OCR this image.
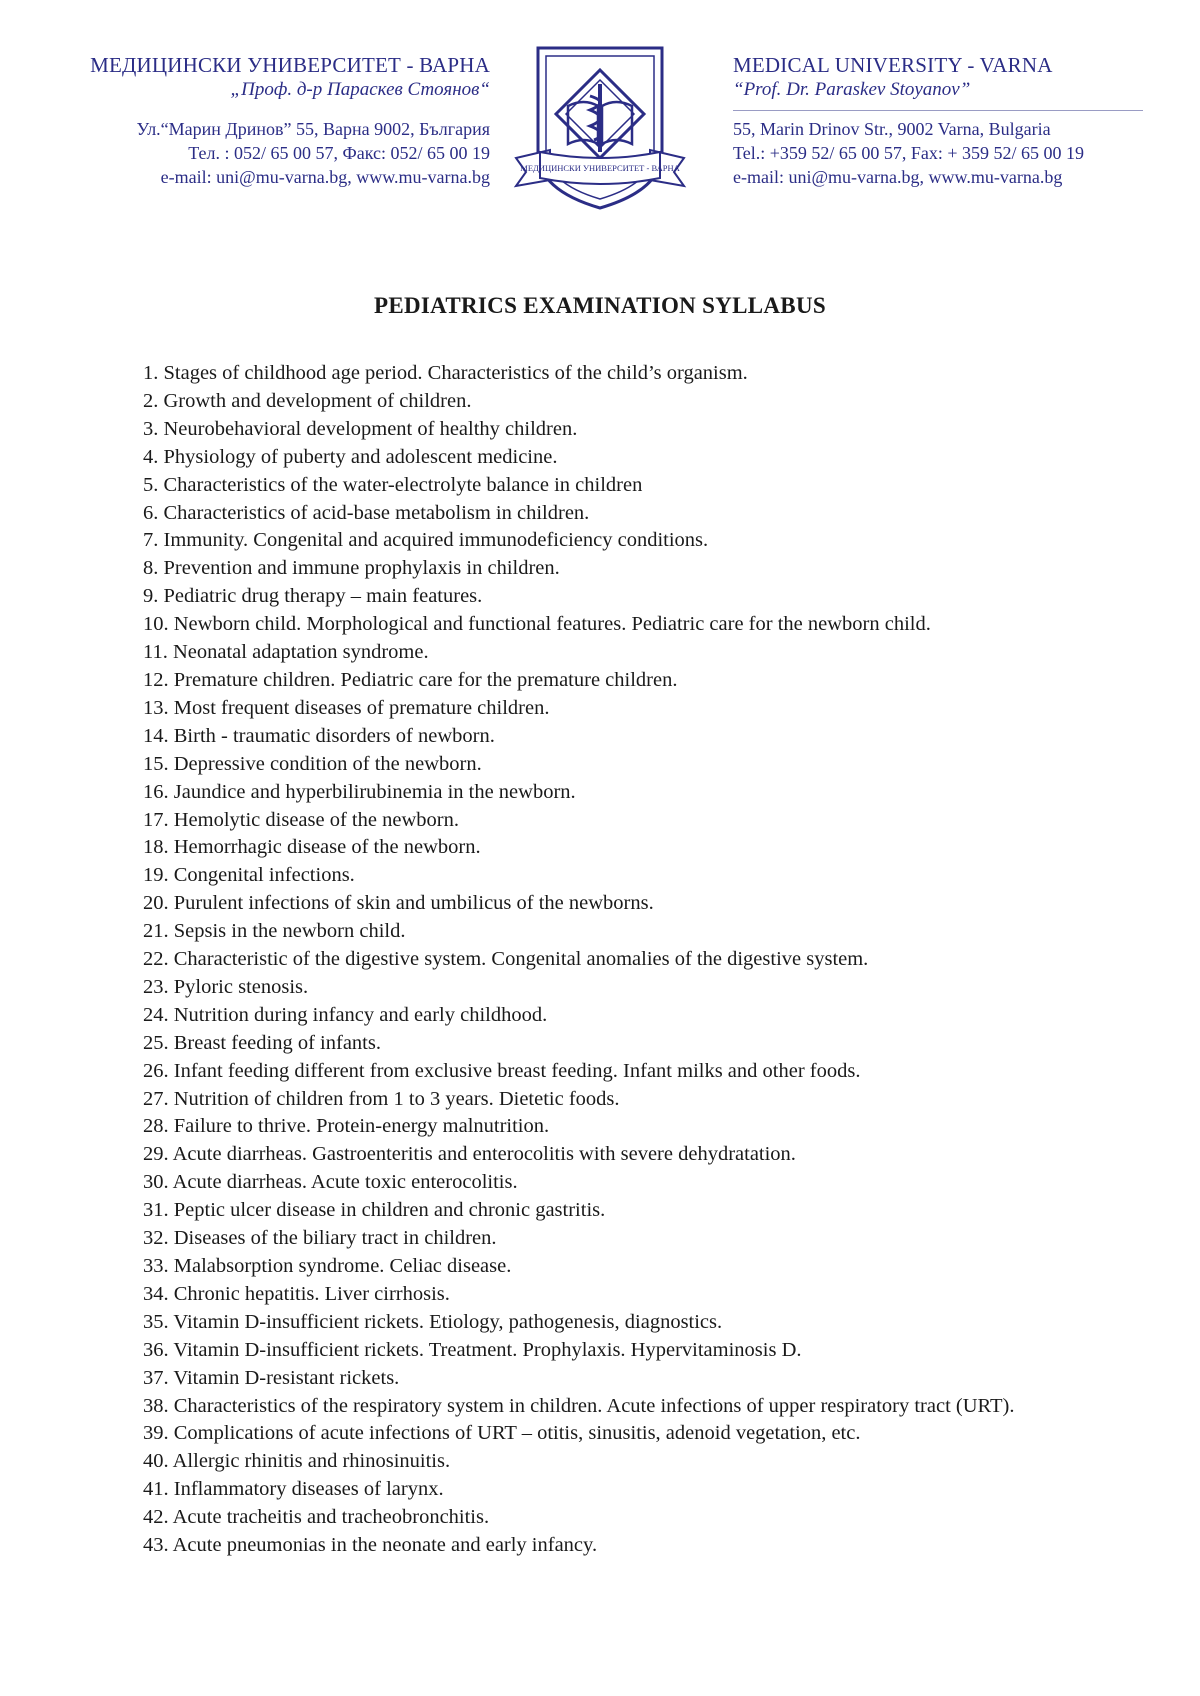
МЕДИЦИНСКИ УНИВЕРСИТЕТ - ВАРНА
„Проф. д-р Параскев Стоянов“
Ул.“Марин Дринов” 55, Варна 9002, България
Тел. : 052/ 65 00 57, Факс: 052/ 65 00 19
e-mail: uni@mu-varna.bg, www.mu-varna.bg	МЕДИЦИНСКИ УНИВЕРСИТЕТ - ВАРНА
MEDICAL UNIVERSITY - VARNA
“Prof. Dr. Paraskev Stoyanov”
55, Marin Drinov Str., 9002 Varna, Bulgaria
Tel.: +359 52/ 65 00 57, Fax: + 359 52/ 65 00 19
e-mail: uni@mu-varna.bg, www.mu-varna.bg
PEDIATRICS EXAMINATION SYLLABUS
1. Stages of childhood age period. Characteristics of the child’s organism.
2. Growth and development of children.
3. Neurobehavioral development of healthy children.
4. Physiology of puberty and adolescent medicine.
5. Characteristics of the water-electrolyte balance in children
6. Characteristics of acid-base metabolism in children.
7. Immunity. Congenital and acquired immunodeficiency conditions.
8. Prevention and immune prophylaxis in children.
9. Pediatric drug therapy – main features.
10. Newborn child. Morphological and functional features. Pediatric care for the newborn child.
11. Neonatal adaptation syndrome.
12. Premature children. Pediatric care for the premature children.
13. Most frequent diseases of premature children.
14. Birth - traumatic disorders of newborn.
15. Depressive condition of the newborn.
16. Jaundice and hyperbilirubinemia in the newborn.
17. Hemolytic disease of the newborn.
18. Hemorrhagic disease of the newborn.
19. Congenital infections.
20. Purulent infections of skin and umbilicus of the newborns.
21. Sepsis in the newborn child.
22. Characteristic of the digestive system. Congenital anomalies of the digestive system.
23. Pyloric stenosis.
24. Nutrition during infancy and early childhood.
25. Breast feeding of infants.
26. Infant feeding different from exclusive breast feeding. Infant milks and other foods.
27. Nutrition of children from 1 to 3 years. Dietetic foods.
28. Failure to thrive. Protein-energy malnutrition.
29. Acute diarrheas. Gastroenteritis and enterocolitis with severe dehydratation.
30. Acute diarrheas. Acute toxic enterocolitis.
31. Peptic ulcer disease in children and chronic gastritis.
32. Diseases of the biliary tract in children.
33. Malabsorption syndrome. Celiac disease.
34. Chronic hepatitis. Liver cirrhosis.
35. Vitamin D-insufficient rickets. Etiology, pathogenesis, diagnostics.
36. Vitamin D-insufficient rickets. Treatment. Prophylaxis. Hypervitaminosis D.
37. Vitamin D-resistant rickets.
38. Characteristics of the respiratory system in children. Acute infections of upper respiratory tract (URT).
39. Complications of acute infections of URT – otitis, sinusitis, adenoid vegetation, etc.
40. Allergic rhinitis and rhinosinuitis.
41. Inflammatory diseases of larynx.
42. Acute tracheitis and tracheobronchitis.
43. Acute pneumonias in the neonate and early infancy.
